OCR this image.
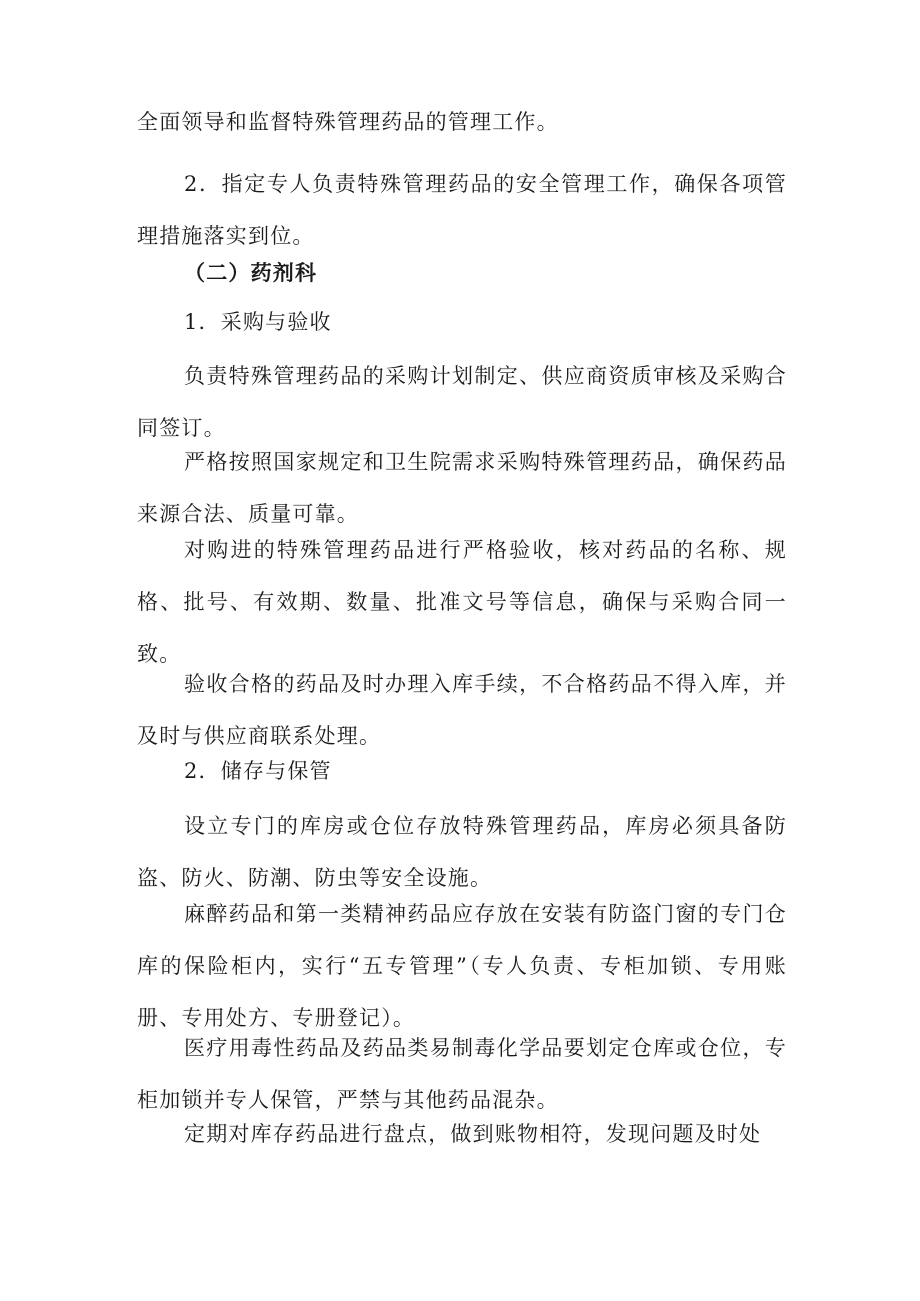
全面领导和监督特殊管理药品的管理工作。

2．指定专人负责特殊管理药品的安全管理工作，确保各项管理措施落实到位。

（二）药剂科

1．采购与验收

负责特殊管理药品的采购计划制定、供应商资质审核及采购合同签订。

严格按照国家规定和卫生院需求采购特殊管理药品，确保药品来源合法、质量可靠。

对购进的特殊管理药品进行严格验收，核对药品的名称、规格、批号、有效期、数量、批准文号等信息，确保与采购合同一致。

验收合格的药品及时办理入库手续，不合格药品不得入库，并及时与供应商联系处理。

2．储存与保管

设立专门的库房或仓位存放特殊管理药品，库房必须具备防盗、防火、防潮、防虫等安全设施。

麻醉药品和第一类精神药品应存放在安装有防盗门窗的专门仓库的保险柜内，实行“五专管理”（专人负责、专柜加锁、专用账册、专用处方、专册登记）。

医疗用毒性药品及药品类易制毒化学品要划定仓库或仓位，专柜加锁并专人保管，严禁与其他药品混杂。

定期对库存药品进行盘点，做到账物相符，发现问题及时处
